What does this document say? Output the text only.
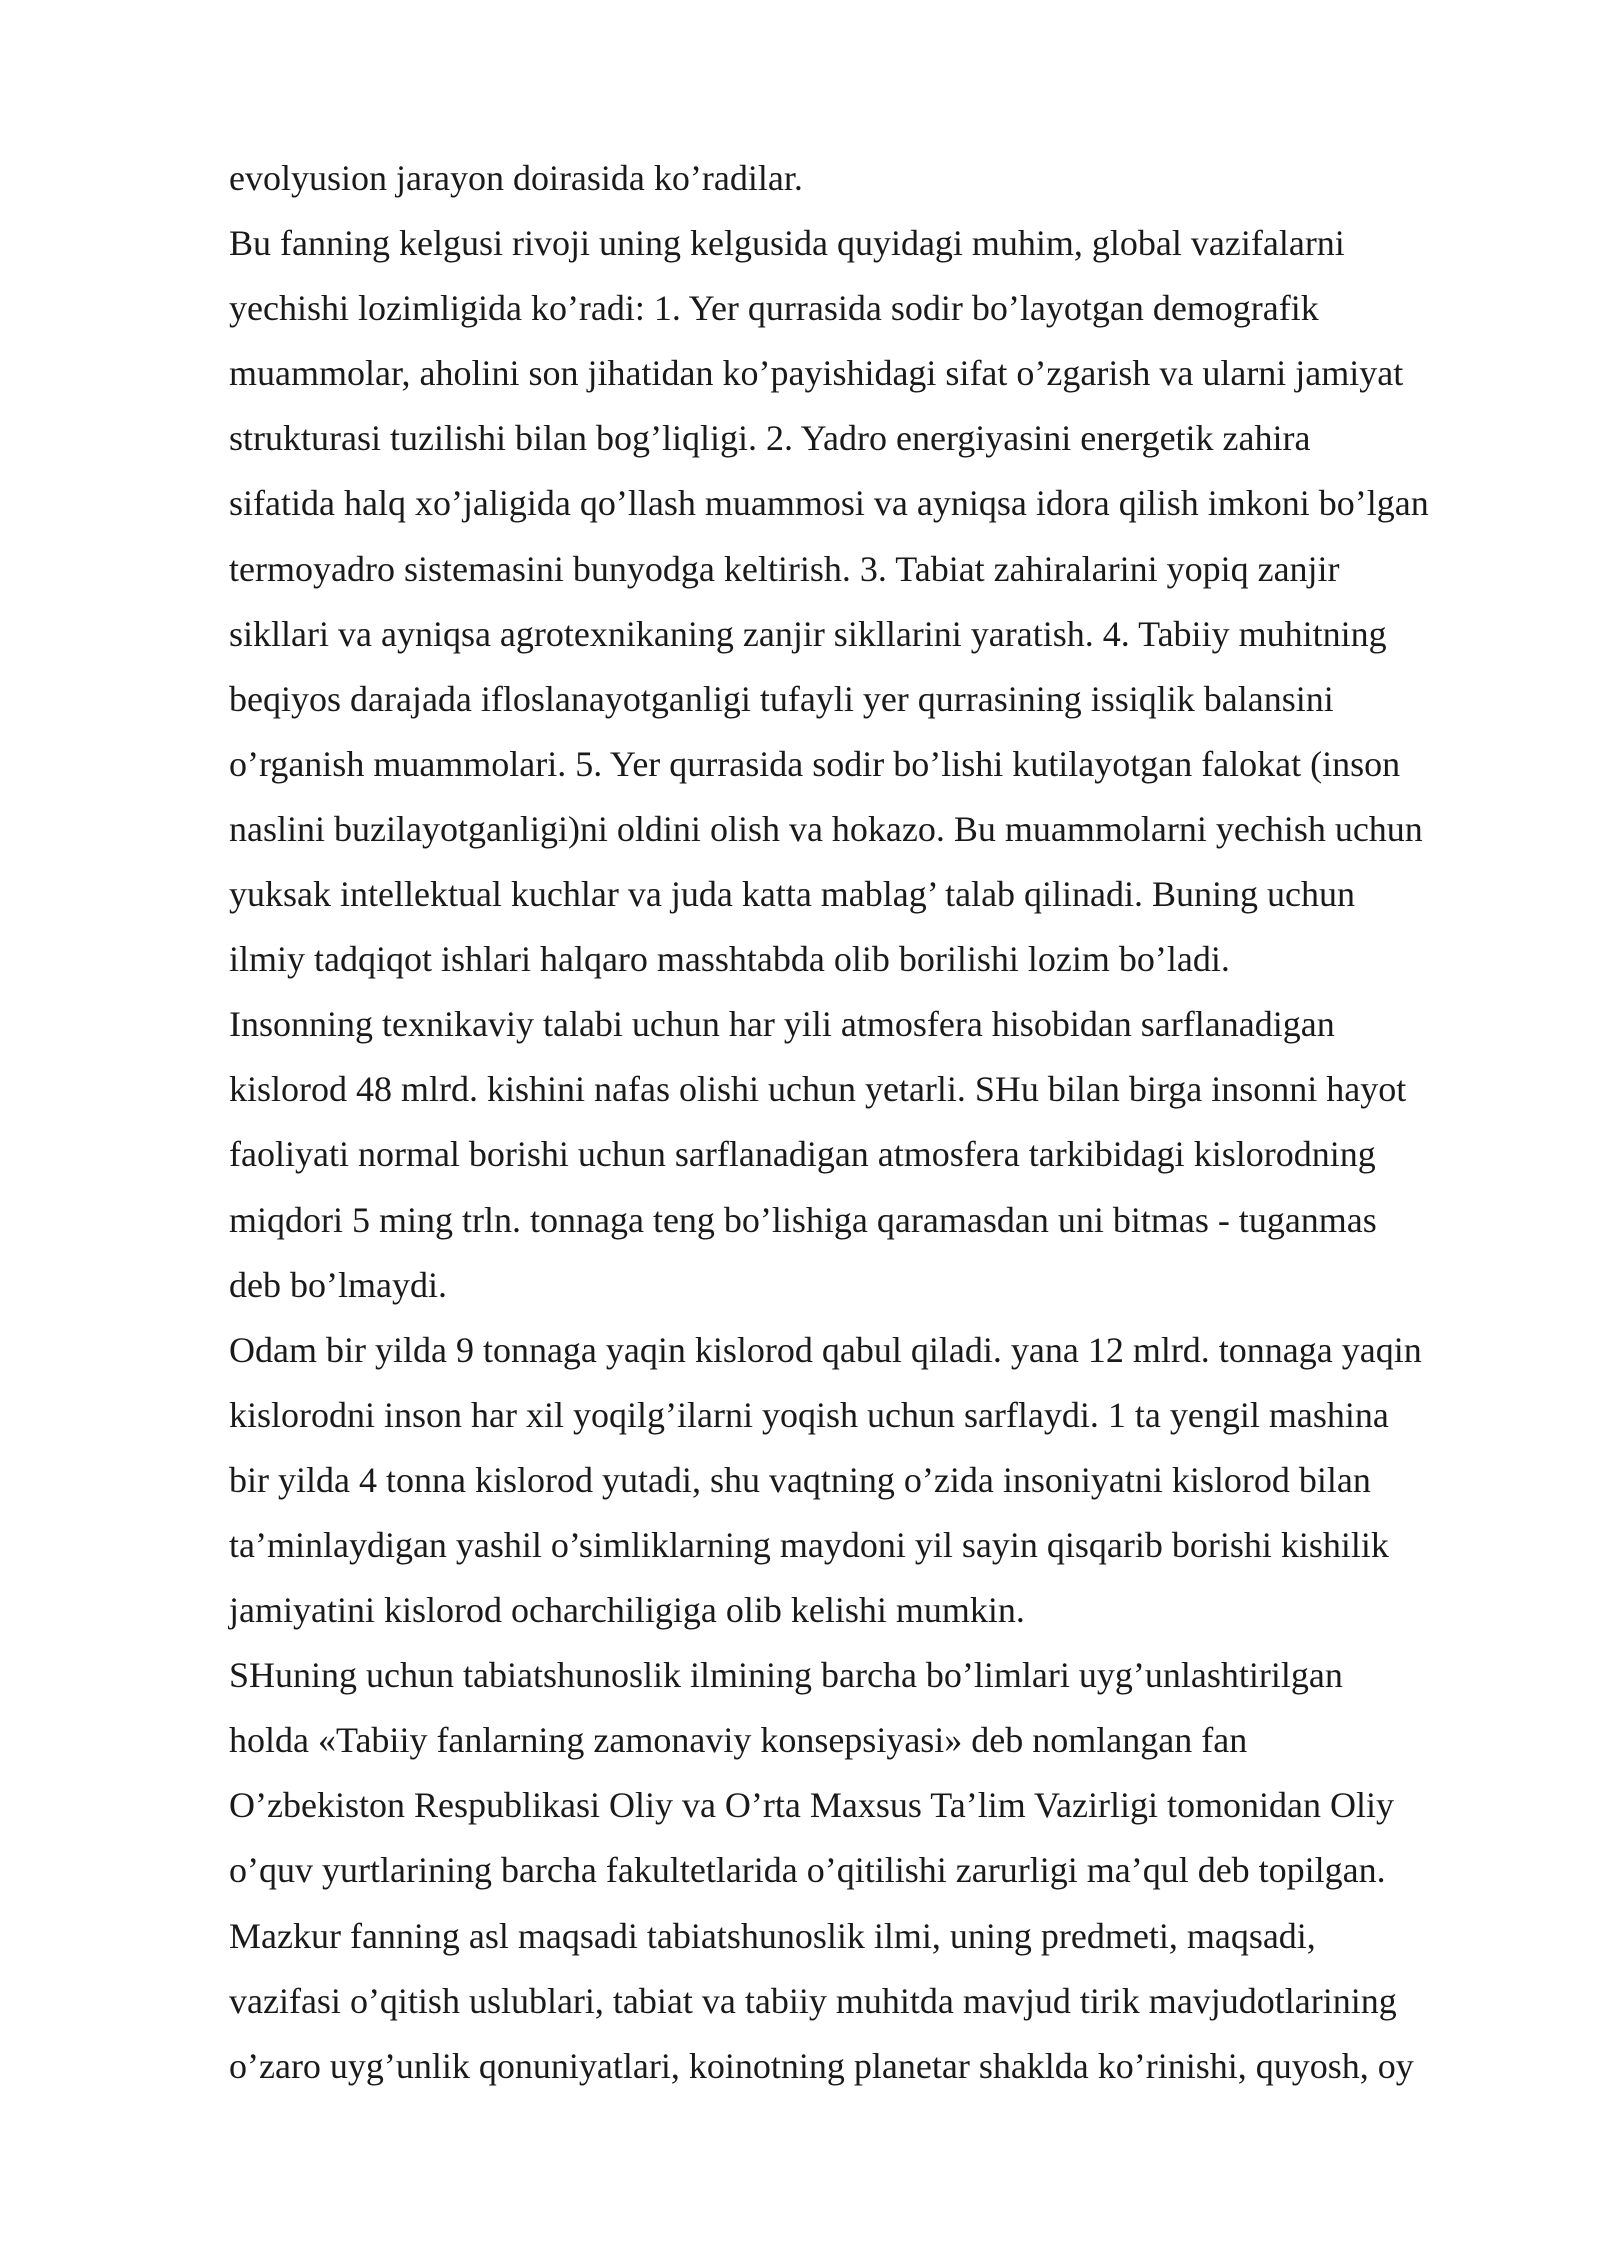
evolyusion jarayon doirasida ko’radilar.
Bu fanning kelgusi rivoji uning kelgusida quyidagi muhim, global vazifalarni
yechishi lozimligida ko’radi: 1. Yer qurrasida sodir bo’layotgan demografik
muammolar, aholini son jihatidan ko’payishidagi sifat o’zgarish va ularni jamiyat
strukturasi tuzilishi bilan bog’liqligi. 2. Yadro energiyasini energetik zahira
sifatida halq xo’jaligida qo’llash muammosi va ayniqsa idora qilish imkoni bo’lgan
termoyadro sistemasini bunyodga keltirish. 3. Tabiat zahiralarini yopiq zanjir
sikllari va ayniqsa agrotexnikaning zanjir sikllarini yaratish. 4. Tabiiy muhitning
beqiyos darajada ifloslanayotganligi tufayli yer qurrasining issiqlik balansini
o’rganish muammolari. 5. Yer qurrasida sodir bo’lishi kutilayotgan falokat (inson
naslini buzilayotganligi)ni oldini olish va hokazo. Bu muammolarni yechish uchun
yuksak intellektual kuchlar va juda katta mablag’ talab qilinadi. Buning uchun
ilmiy tadqiqot ishlari halqaro masshtabda olib borilishi lozim bo’ladi.
Insonning texnikaviy talabi uchun har yili atmosfera hisobidan sarflanadigan
kislorod 48 mlrd. kishini nafas olishi uchun yetarli. SHu bilan birga insonni hayot
faoliyati normal borishi uchun sarflanadigan atmosfera tarkibidagi kislorodning
miqdori 5 ming trln. tonnaga teng bo’lishiga qaramasdan uni bitmas - tuganmas
deb bo’lmaydi.
Odam bir yilda 9 tonnaga yaqin kislorod qabul qiladi. yana 12 mlrd. tonnaga yaqin
kislorodni inson har xil yoqilg’ilarni yoqish uchun sarflaydi. 1 ta yengil mashina
bir yilda 4 tonna kislorod yutadi, shu vaqtning o’zida insoniyatni kislorod bilan
ta’minlaydigan yashil o’simliklarning maydoni yil sayin qisqarib borishi kishilik
jamiyatini kislorod ocharchiligiga olib kelishi mumkin.
SHuning uchun tabiatshunoslik ilmining barcha bo’limlari uyg’unlashtirilgan
holda «Tabiiy fanlarning zamonaviy konsepsiyasi» deb nomlangan fan
O’zbekiston Respublikasi Oliy va O’rta Maxsus Ta’lim Vazirligi tomonidan Oliy
o’quv yurtlarining barcha fakultetlarida o’qitilishi zarurligi ma’qul deb topilgan.
Mazkur fanning asl maqsadi tabiatshunoslik ilmi, uning predmeti, maqsadi,
vazifasi o’qitish uslublari, tabiat va tabiiy muhitda mavjud tirik mavjudotlarining
o’zaro uyg’unlik qonuniyatlari, koinotning planetar shaklda ko’rinishi, quyosh, oy
